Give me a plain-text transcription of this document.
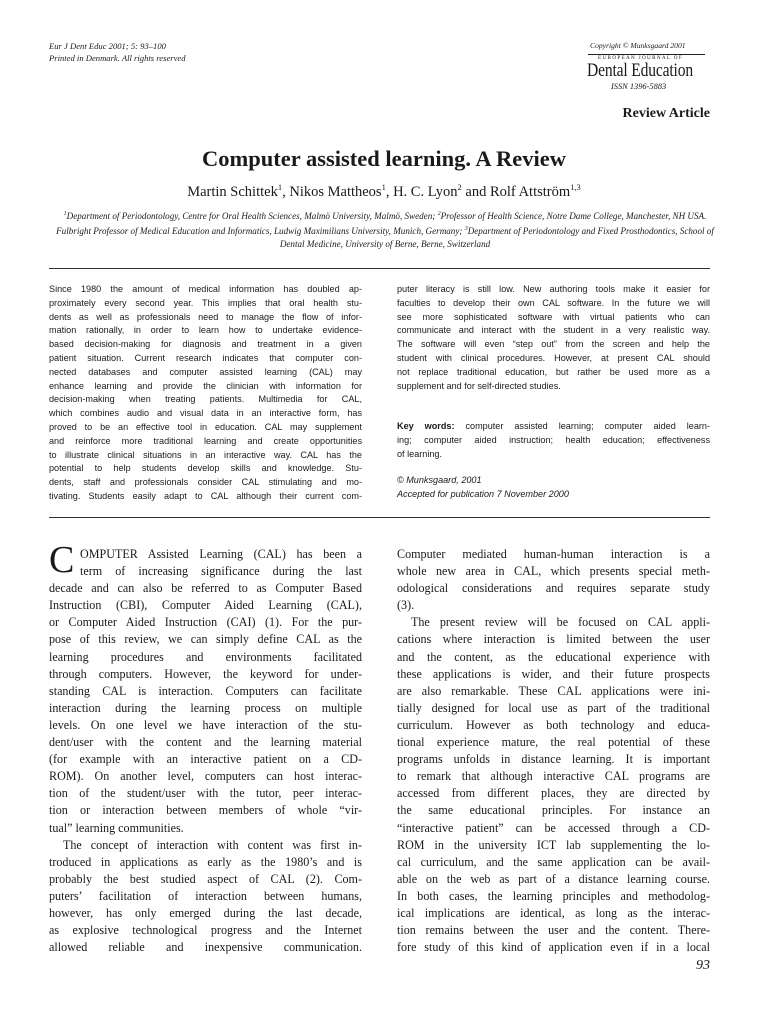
Eur J Dent Educ 2001; 5: 93–100
Printed in Denmark. All rights reserved
Copyright © Munksgaard 2001
EUROPEAN JOURNAL OF
Dental Education
ISSN 1396-5883
Review Article
Computer assisted learning. A Review
Martin Schittek$^1$, Nikos Mattheos$^1$, H. C. Lyon$^2$ and Rolf Attström$^{1,3}$
$^1$Department of Periodontology, Centre for Oral Health Sciences, Malmö University, Malmö, Sweden; $^2$Professor of Health Science, Notre Dame College, Manchester, NH USA. Fulbright Professor of Medical Education and Informatics, Ludwig Maximilians University, Munich, Germany; $^3$Department of Periodontology and Fixed Prosthodontics, School of Dental Medicine, University of Berne, Berne, Switzerland
Since 1980 the amount of medical information has doubled ap-
proximately every second year. This implies that oral health stu-
dents as well as professionals need to manage the flow of infor-
mation rationally, in order to learn how to undertake evidence-
based decision-making for diagnosis and treatment in a given
patient situation. Current research indicates that computer con-
nected databases and computer assisted learning (CAL) may
enhance learning and provide the clinician with information for
decision-making when treating patients. Multimedia for CAL,
which combines audio and visual data in an interactive form, has
proved to be an effective tool in education. CAL may supplement
and reinforce more traditional learning and create opportunities
to illustrate clinical situations in an interactive way. CAL has the
potential to help students develop skills and knowledge. Stu-
dents, staff and professionals consider CAL stimulating and mo-
tivating. Students easily adapt to CAL although their current com-
puter literacy is still low. New authoring tools make it easier for
faculties to develop their own CAL software. In the future we will
see more sophisticated software with virtual patients who can
communicate and interact with the student in a very realistic way.
The software will even “step out” from the screen and help the
student with clinical procedures. However, at present CAL should
not replace traditional education, but rather be used more as a
supplement and for self-directed studies.
Key words: computer assisted learning; computer aided learn-
ing; computer aided instruction; health education; effectiveness
of learning.
© Munksgaard, 2001
Accepted for publication 7 November 2000
C OMPUTER Assisted Learning (CAL) has been a
term of increasing significance during the last
decade and can also be referred to as Computer Based
Instruction (CBI), Computer Aided Learning (CAL),
or Computer Aided Instruction (CAI) (1). For the pur-
pose of this review, we can simply define CAL as the
learning procedures and environments facilitated
through computers. However, the keyword for under-
standing CAL is interaction. Computers can facilitate
interaction during the learning process on multiple
levels. On one level we have interaction of the stu-
dent/user with the content and the learning material
(for example with an interactive patient on a CD-
ROM). On another level, computers can host interac-
tion of the student/user with the tutor, peer interac-
tion or interaction between members of whole “vir-
tual” learning communities.
The concept of interaction with content was first in-
troduced in applications as early as the 1980’s and is
probably the best studied aspect of CAL (2). Com-
puters’ facilitation of interaction between humans,
however, has only emerged during the last decade,
as explosive technological progress and the Internet
allowed reliable and inexpensive communication.
Computer mediated human-human interaction is a
whole new area in CAL, which presents special meth-
odological considerations and requires separate study
(3).
The present review will be focused on CAL appli-
cations where interaction is limited between the user
and the content, as the educational experience with
these applications is wider, and their future prospects
are also remarkable. These CAL applications were ini-
tially designed for local use as part of the traditional
curriculum. However as both technology and educa-
tional experience mature, the real potential of these
programs unfolds in distance learning. It is important
to remark that although interactive CAL programs are
accessed from different places, they are directed by
the same educational principles. For instance an
“interactive patient” can be accessed through a CD-
ROM in the university ICT lab supplementing the lo-
cal curriculum, and the same application can be avail-
able on the web as part of a distance learning course.
In both cases, the learning principles and methodolog-
ical implications are identical, as long as the interac-
tion remains between the user and the content. There-
fore study of this kind of application even if in a local
93
